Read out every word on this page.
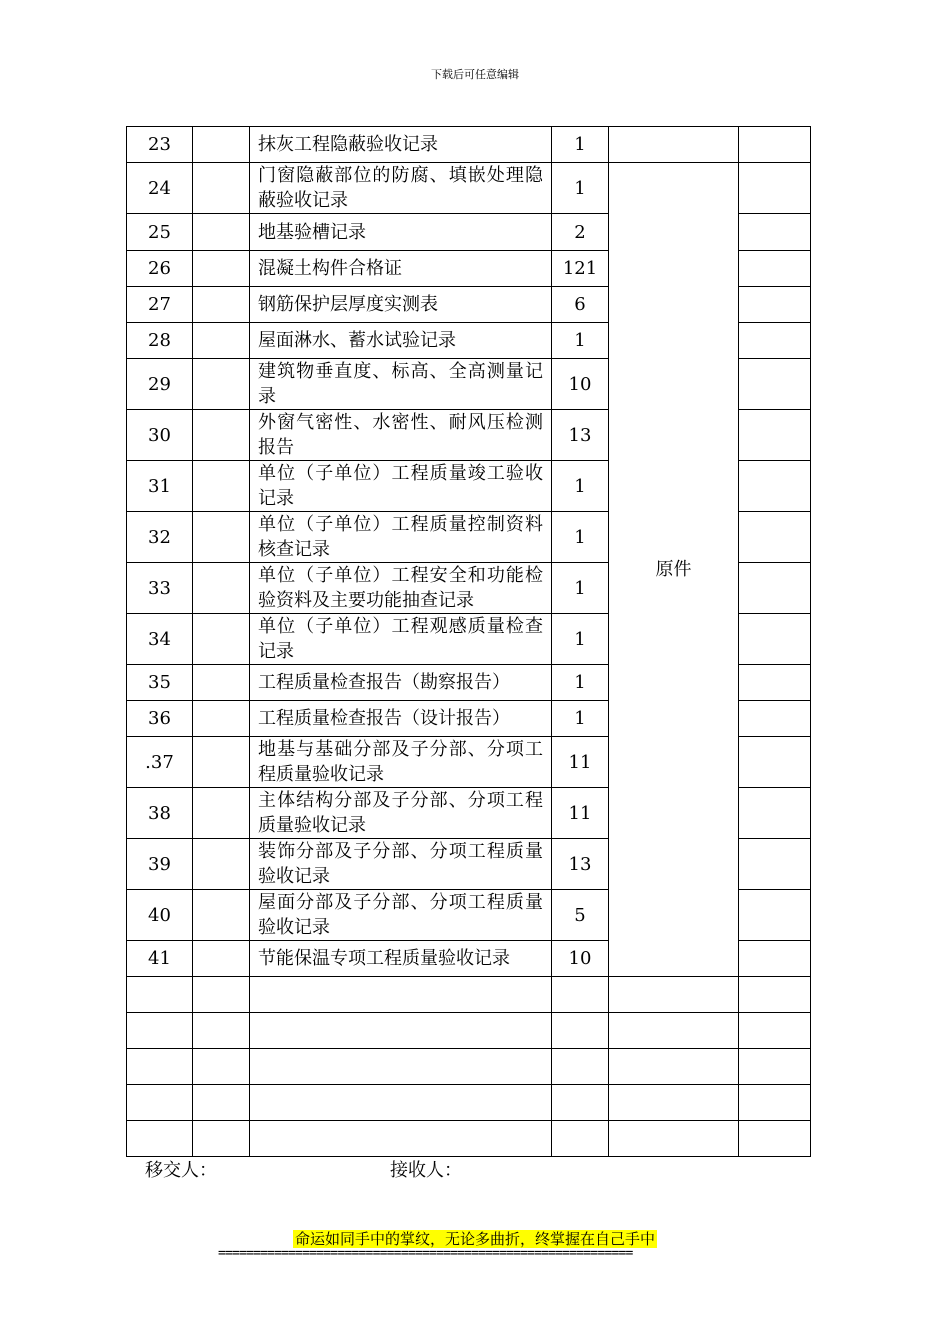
下载后可任意编辑
23		抹灰工程隐蔽验收记录	1		
24		门窗隐蔽部位的防腐、填嵌处理隐蔽验收记录	1	原件	
25		地基验槽记录	2		
26		混凝土构件合格证	121		
27		钢筋保护层厚度实测表	6		
28		屋面淋水、蓄水试验记录	1		
29		建筑物垂直度、标高、全高测量记录	10		
30		外窗气密性、水密性、耐风压检测报告	13		
31		单位（子单位）工程质量竣工验收记录	1		
32		单位（子单位）工程质量控制资料核查记录	1		
33		单位（子单位）工程安全和功能检验资料及主要功能抽查记录	1		
34		单位（子单位）工程观感质量检查记录	1		
35		工程质量检查报告（勘察报告）	1		
36		工程质量检查报告（设计报告）	1		
.37		地基与基础分部及子分部、分项工程质量验收记录	11		
38		主体结构分部及子分部、分项工程质量验收记录	11		
39		装饰分部及子分部、分项工程质量验收记录	13		
40		屋面分部及子分部、分项工程质量验收记录	5		
41		节能保温专项工程质量验收记录	10		

移交人：	接收人：
命运如同手中的掌纹，无论多曲折，终掌握在自己手中
===========================================================
